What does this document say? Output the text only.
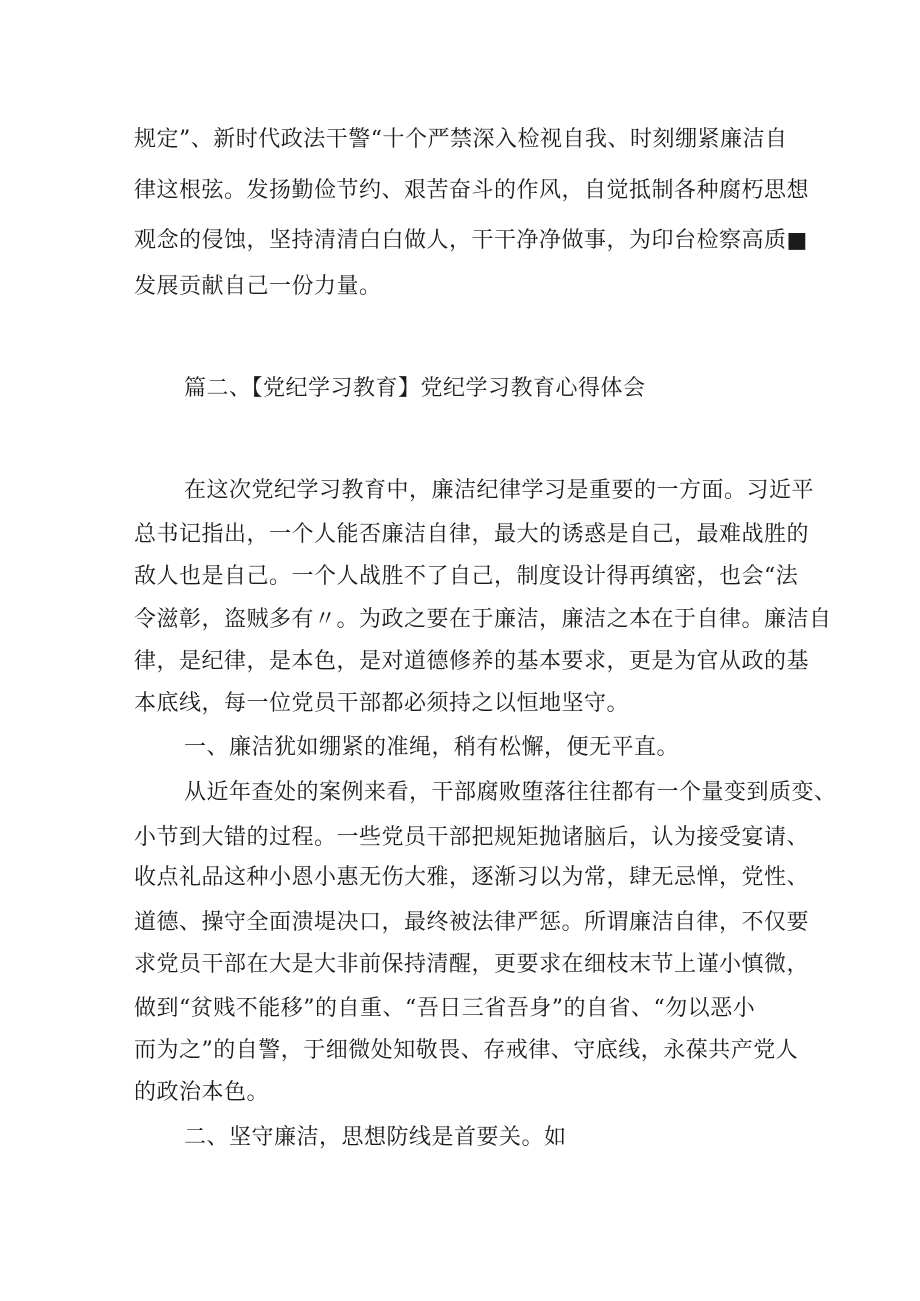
规定”、新时代政法干警“十个严禁深入检视自我、时刻绷紧廉洁自
律这根弦。发扬勤俭节约、艰苦奋斗的作风，自觉抵制各种腐朽思想
观念的侵蚀，坚持清清白白做人，干干净净做事，为印台检察高质■
发展贡献自己一份力量。
篇二、【党纪学习教育】党纪学习教育心得体会
在这次党纪学习教育中，廉洁纪律学习是重要的一方面。习近平
总书记指出，一个人能否廉洁自律，最大的诱惑是自己，最难战胜的
敌人也是自己。一个人战胜不了自己，制度设计得再缜密，也会“法
令滋彰，盗贼多有〃。为政之要在于廉洁，廉洁之本在于自律。廉洁自
律，是纪律，是本色，是对道德修养的基本要求，更是为官从政的基
本底线，每一位党员干部都必须持之以恒地坚守。
一、廉洁犹如绷紧的准绳，稍有松懈，便无平直。
从近年查处的案例来看，干部腐败堕落往往都有一个量变到质变、
小节到大错的过程。一些党员干部把规矩抛诸脑后，认为接受宴请、
收点礼品这种小恩小惠无伤大雅，逐渐习以为常，肆无忌惮，党性、
道德、操守全面溃堤决口，最终被法律严惩。所谓廉洁自律，不仅要
求党员干部在大是大非前保持清醒，更要求在细枝末节上谨小慎微，
做到“贫贱不能移”的自重、“吾日三省吾身”的自省、“勿以恶小
而为之”的自警，于细微处知敬畏、存戒律、守底线，永葆共产党人
的政治本色。
二、坚守廉洁，思想防线是首要关。如
